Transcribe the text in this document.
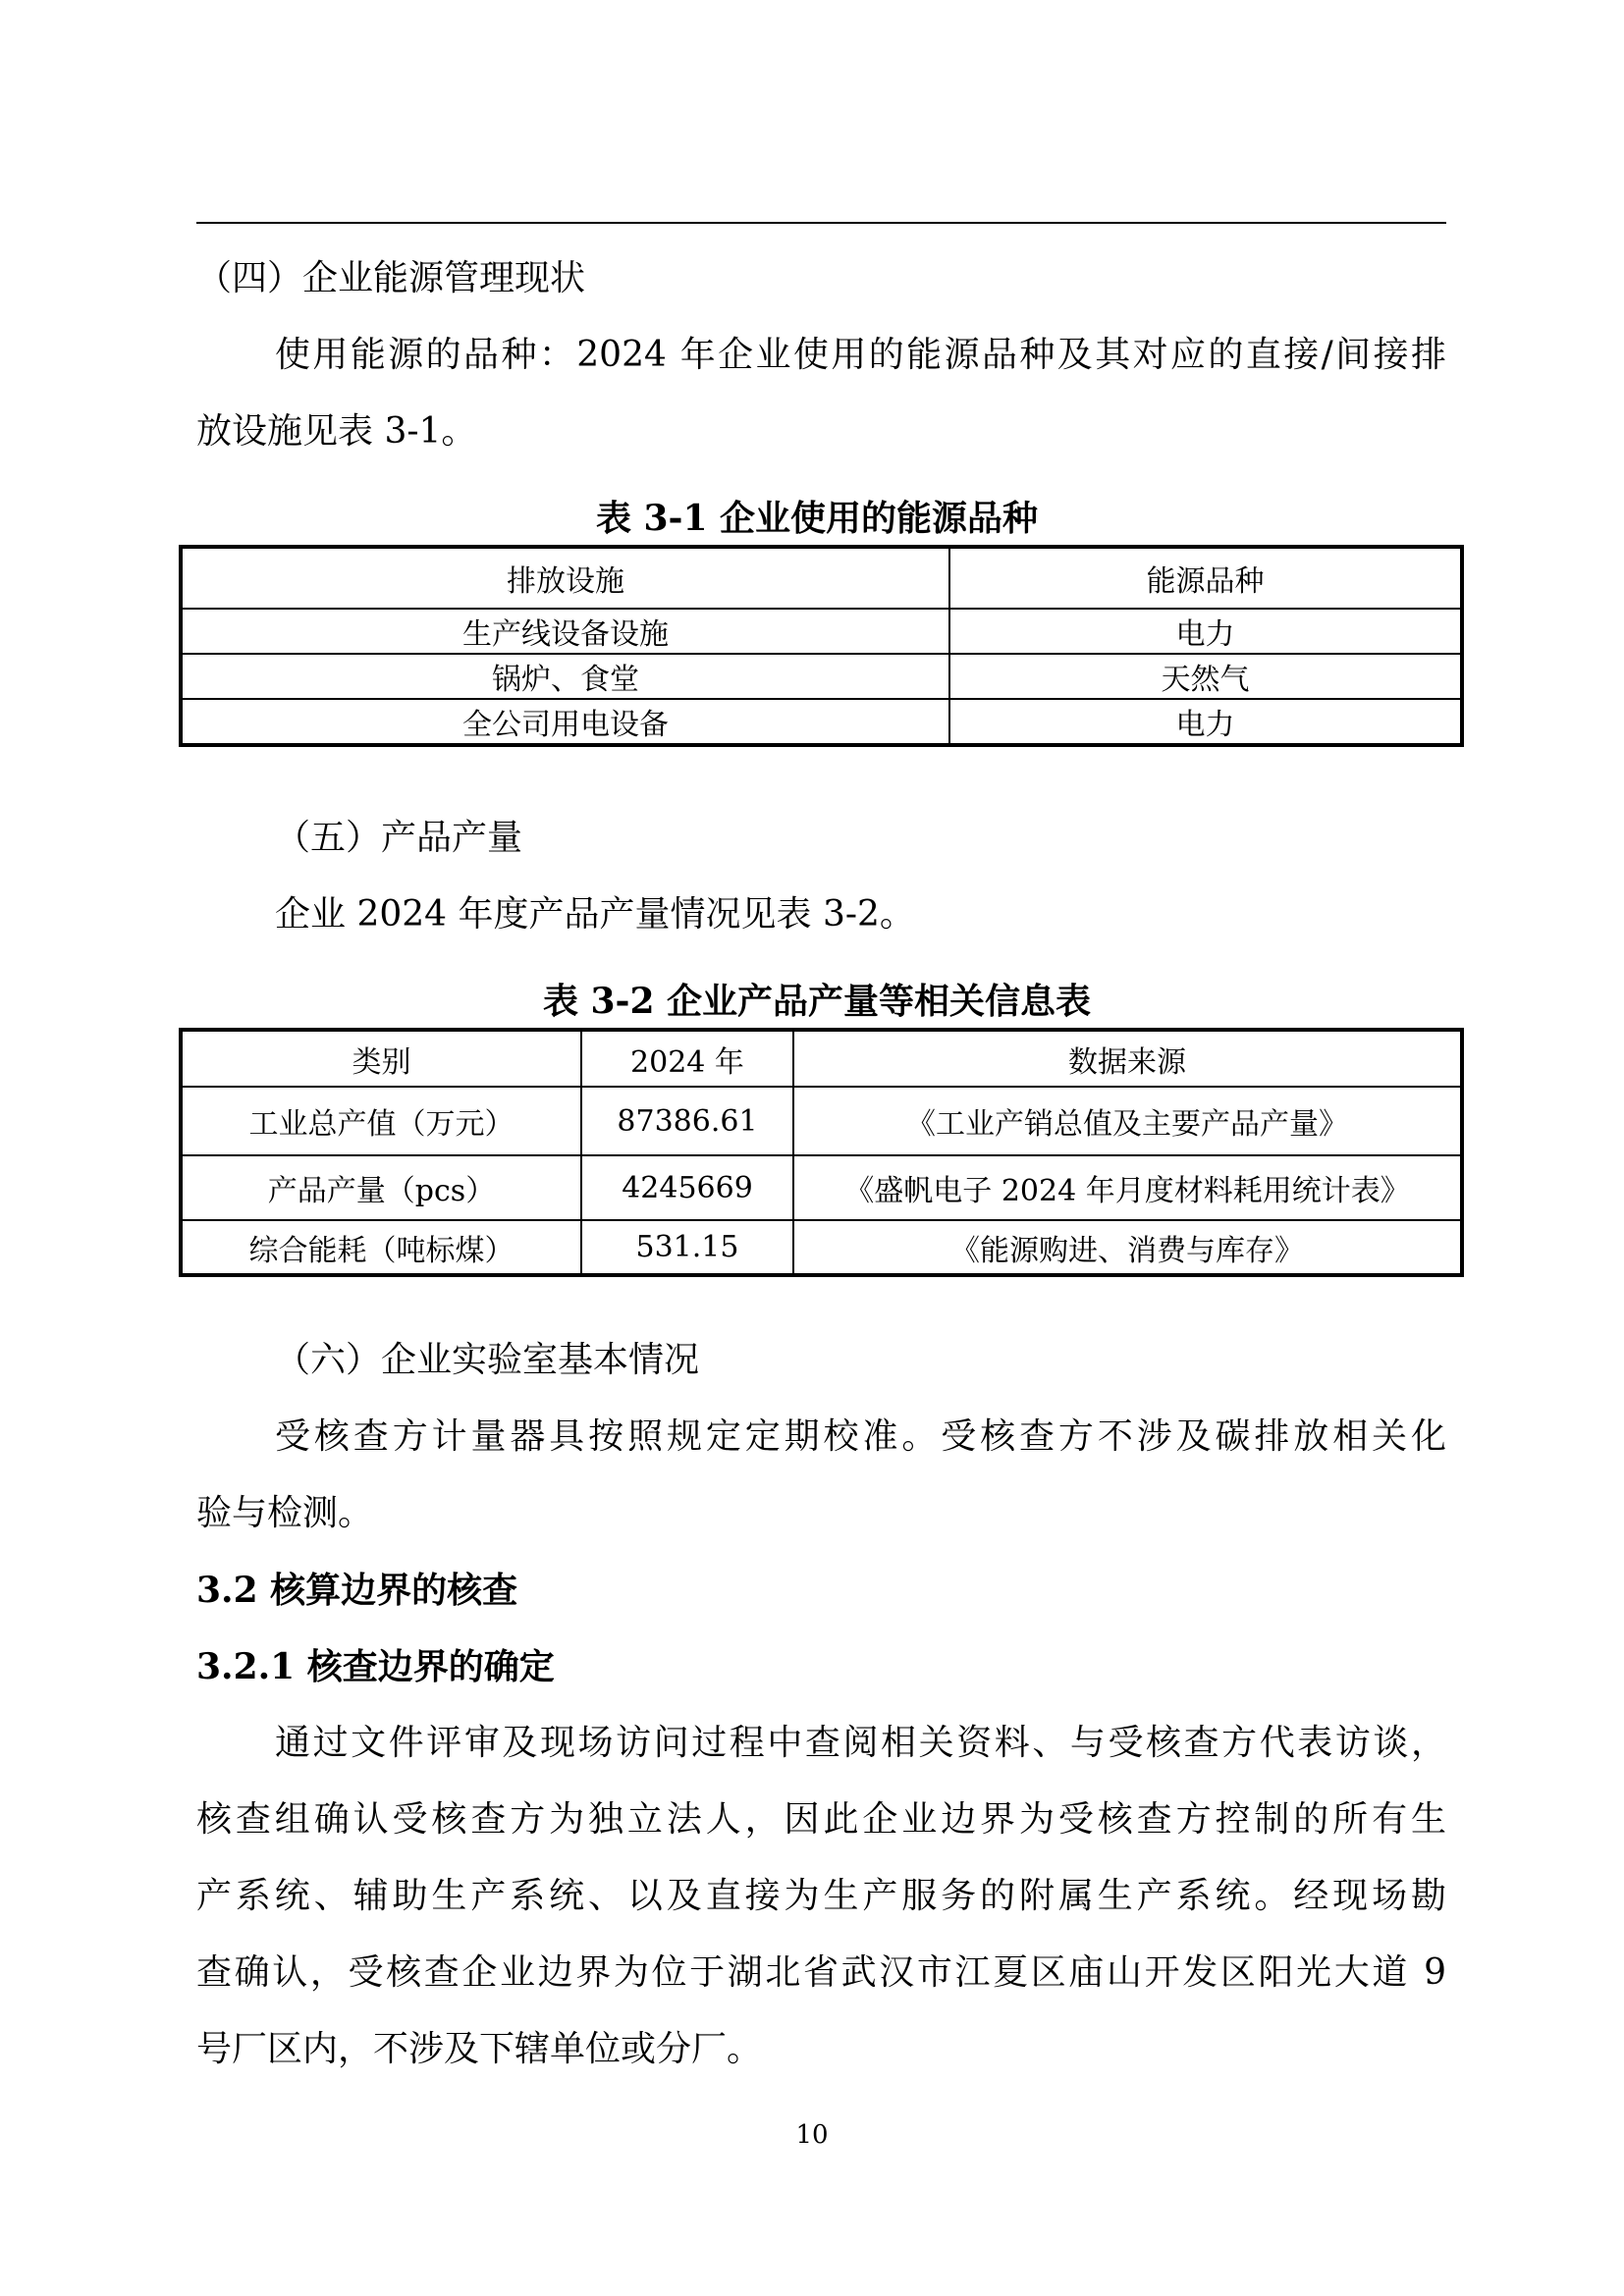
（四）企业能源管理现状
使用能源的品种：2024 年企业使用的能源品种及其对应的直接/间接排
放设施见表 3-1。
表 3-1 企业使用的能源品种
排放设施	能源品种
生产线设备设施	电力
锅炉、食堂	天然气
全公司用电设备	电力
（五）产品产量
企业 2024 年度产品产量情况见表 3-2。
表 3-2 企业产品产量等相关信息表
类别	2024 年	数据来源
工业总产值（万元）	87386.61	《工业产销总值及主要产品产量》
产品产量（pcs）	4245669	《盛帆电子 2024 年月度材料耗用统计表》
综合能耗（吨标煤）	531.15	《能源购进、消费与库存》
（六）企业实验室基本情况
受核查方计量器具按照规定定期校准。受核查方不涉及碳排放相关化
验与检测。
3.2 核算边界的核查
3.2.1 核查边界的确定
通过文件评审及现场访问过程中查阅相关资料、与受核查方代表访谈，
核查组确认受核查方为独立法人，因此企业边界为受核查方控制的所有生
产系统、辅助生产系统、以及直接为生产服务的附属生产系统。经现场勘
查确认，受核查企业边界为位于湖北省武汉市江夏区庙山开发区阳光大道 9
号厂区内，不涉及下辖单位或分厂。
10
